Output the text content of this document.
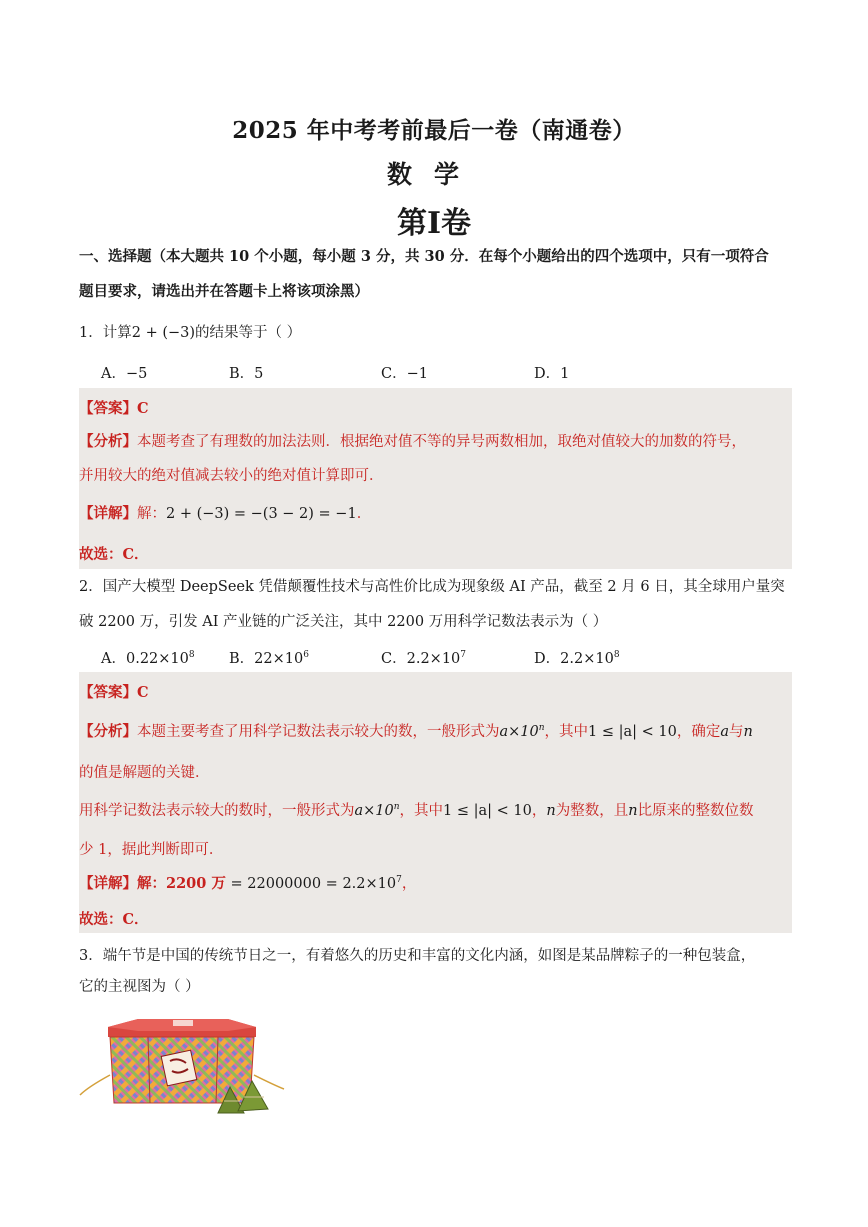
2025 年中考考前最后一卷（南通卷）
数学
第I卷
一、选择题（本大题共 10 个小题，每小题 3 分，共 30 分．在每个小题给出的四个选项中，只有一项符合
题目要求，请选出并在答题卡上将该项涂黑）
1．计算2 + (−3)的结果等于（ ）
A．−5	B．5	C．−1	D．1
【答案】C
【分析】本题考查了有理数的加法法则．根据绝对值不等的异号两数相加，取绝对值较大的加数的符号，
并用较大的绝对值减去较小的绝对值计算即可．
【详解】解：2 + (−3) = −(3 − 2) = −1．
故选：C．
2．国产大模型 DeepSeek 凭借颠覆性技术与高性价比成为现象级 AI 产品，截至 2 月 6 日，其全球用户量突
破 2200 万，引发 AI 产业链的广泛关注，其中 2200 万用科学记数法表示为（ ）
A．$0.22\times 10^8$ B．$22\times 10^6$	C．$2.2\times 10^7$	D．$2.2\times 10^8$
【答案】C
【分析】本题主要考查了用科学记数法表示较大的数，一般形式为$a\times 10^n$，其中1 ≤ |a| < 10，确定a与n
的值是解题的关键．
用科学记数法表示较大的数时，一般形式为$a\times 10^n$，其中1 ≤ |a| < 10，n为整数，且n比原来的整数位数
少 1，据此判断即可．
【详解】解：2200 万 = $22000000 = 2.2\times 10^7$，
故选：C．
3．端午节是中国的传统节日之一，有着悠久的历史和丰富的文化内涵，如图是某品牌粽子的一种包装盒，
它的主视图为（ ）
